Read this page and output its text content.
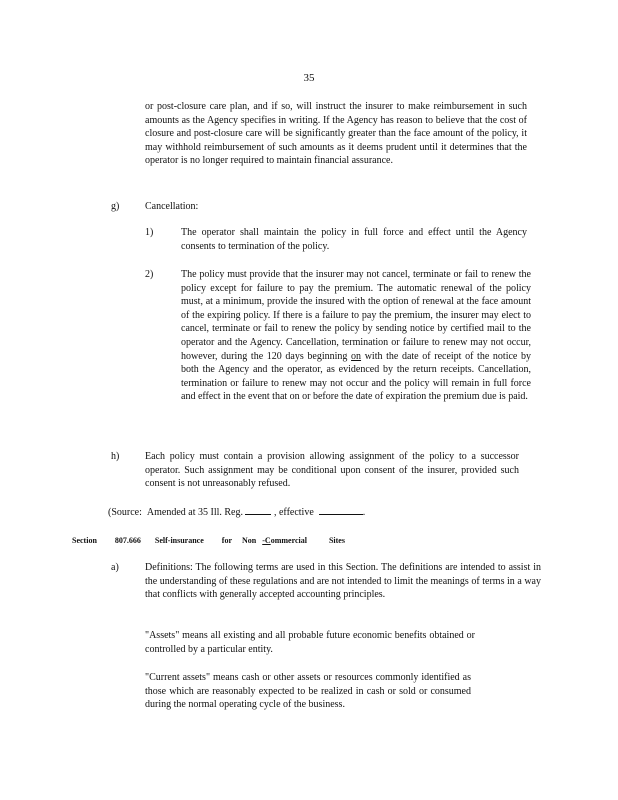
35

or post-closure care plan, and if so, will instruct the insurer to make reimbursement in such amounts as the Agency specifies in writing. If the Agency has reason to believe that the cost of closure and post-closure care will be significantly greater than the face amount of the policy, it may withhold reimbursement of such amounts as it deems prudent until it determines that the operator is no longer required to maintain financial assurance.

g)	Cancellation:
1)	The operator shall maintain the policy in full force and effect until the Agency consents to termination of the policy.

2)	The policy must provide that the insurer may not cancel, terminate or fail to renew the policy except for failure to pay the premium. The automatic renewal of the policy must, at a minimum, provide the insured with the option of renewal at the face amount of the expiring policy. If there is a failure to pay the premium, the insurer may elect to cancel, terminate or fail to renew the policy by sending notice by certified mail to the operator and the Agency. Cancellation, termination or failure to renew may not occur, however, during the 120 days beginning on with the date of receipt of the notice by both the Agency and the operator, as evidenced by the return receipts. Cancellation, termination or failure to renew may not occur and the policy will remain in full force and effect in the event that on or before the date of expiration the premium due is paid.

h)	Each policy must contain a provision allowing assignment of the policy to a successor operator. Such assignment may be conditional upon consent of the insurer, provided such consent is not unreasonably refused.

(Source: Amended at 35 Ill. Reg.	, effective	.
Section 807.666 Self-insurance for Non -Commercial	Sites
a)	Definitions: The following terms are used in this Section. The definitions are intended to assist in the understanding of these regulations and are not intended to limit the meanings of terms in a way that conflicts with generally accepted accounting principles.

"Assets" means all existing and all probable future economic benefits obtained or controlled by a particular entity.

"Current assets" means cash or other assets or resources commonly identified as those which are reasonably expected to be realized in cash or sold or consumed during the normal operating cycle of the business.
